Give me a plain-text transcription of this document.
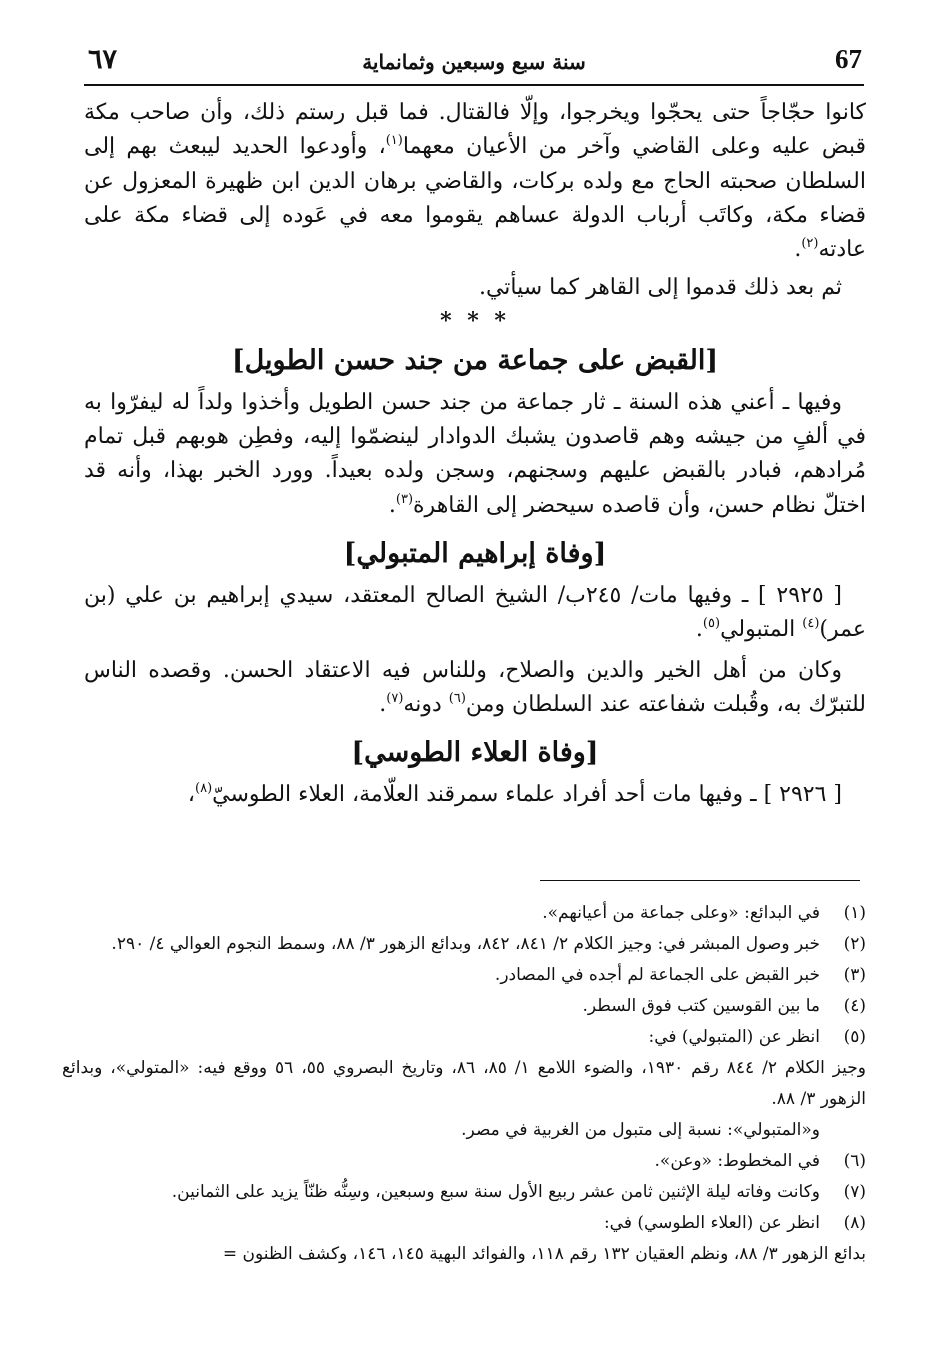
67
سنة سبع وسبعين وثمانماية
٦٧

كانوا حجّاجاً حتى يحجّوا ويخرجوا، وإلّا فالقتال. فما قبل رستم ذلك، وأن صاحب مكة قبض عليه وعلى القاضي وآخر من الأعيان معهما$^{(١)}$، وأودعوا الحديد ليبعث بهم إلى السلطان صحبته الحاج مع ولده بركات، والقاضي برهان الدين ابن ظهيرة المعزول عن قضاء مكة، وكاتَب أرباب الدولة عساهم يقوموا معه في عَوده إلى قضاء مكة على عادته$^{(٢)}$.

ثم بعد ذلك قدموا إلى القاهر كما سيأتي.

* * *

[القبض على جماعة من جند حسن الطويل]

وفيها ـ أعني هذه السنة ـ ثار جماعة من جند حسن الطويل وأخذوا ولداً له ليفرّوا به في ألفٍ من جيشه وهم قاصدون يشبك الدوادار لينضمّوا إليه، وفطِن هوبهم قبل تمام مُرادهم، فبادر بالقبض عليهم وسجنهم، وسجن ولده بعيداً. وورد الخبر بهذا، وأنه قد اختلّ نظام حسن، وأن قاصده سيحضر إلى القاهرة$^{(٣)}$.

[وفاة إبراهيم المتبولي]

[ ٢٩٢٥ ] ـ وفيها مات/ ٢٤٥ب/ الشيخ الصالح المعتقد، سيدي إبراهيم بن علي (بن عمر)$^{(٤)}$ المتبولي$^{(٥)}$.

وكان من أهل الخير والدين والصلاح، وللناس فيه الاعتقاد الحسن. وقصده الناس للتبرّك به، وقُبلت شفاعته عند السلطان ومن$^{(٦)}$ دونه$^{(٧)}$.

[وفاة العلاء الطوسي]

[ ٢٩٢٦ ] ـ وفيها مات أحد أفراد علماء سمرقند العلّامة، العلاء الطوسيّ$^{(٨)}$،

(١)
في البدائع: «وعلى جماعة من أعيانهم».
(٢)
خبر وصول المبشر في: وجيز الكلام ٢/ ٨٤١، ٨٤٢، وبدائع الزهور ٣/ ٨٨، وسمط النجوم العوالي ٤/ ٢٩٠.
(٣)
خبر القبض على الجماعة لم أجده في المصادر.
(٤)
ما بين القوسين كتب فوق السطر.
(٥)
انظر عن (المتبولي) في:
وجيز الكلام ٢/ ٨٤٤ رقم ١٩٣٠، والضوء اللامع ١/ ٨٥، ٨٦، وتاريخ البصروي ٥٥، ٥٦ ووقع فيه: «المتولي»، وبدائع الزهور ٣/ ٨٨.
و«المتبولي»: نسبة إلى متبول من الغربية في مصر.
(٦)
في المخطوط: «وعن».
(٧)
وكانت وفاته ليلة الإثنين ثامن عشر ربيع الأول سنة سبع وسبعين، وسِنُّه ظنّاً يزيد على الثمانين.
(٨)
انظر عن (العلاء الطوسي) في:
بدائع الزهور ٣/ ٨٨، ونظم العقيان ١٣٢ رقم ١١٨، والفوائد البهية ١٤٥، ١٤٦، وكشف الظنون =
